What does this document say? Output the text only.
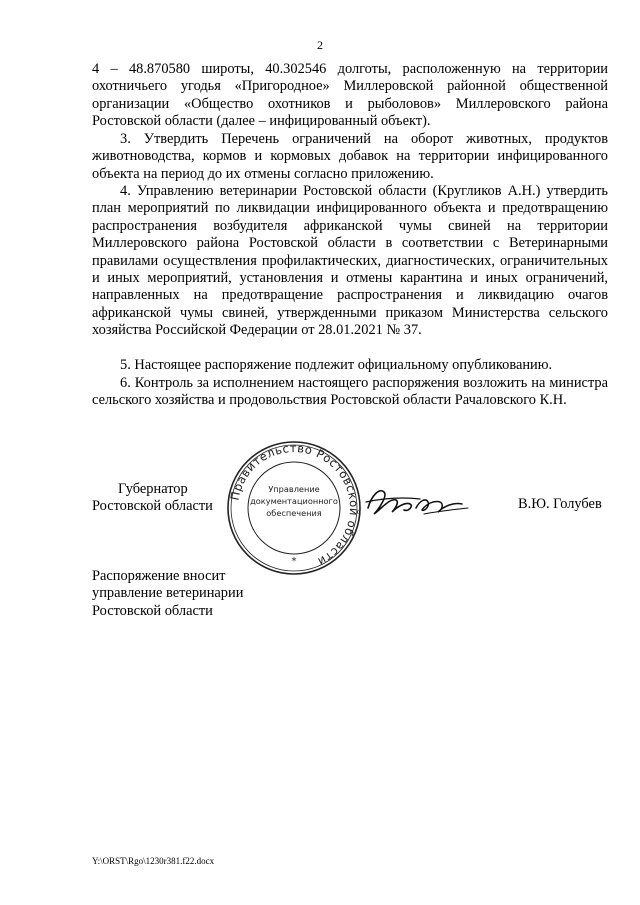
2

4 – 48.870580 широты, 40.302546 долготы, расположенную на территории охотничьего угодья «Пригородное» Миллеровской районной общественной организации «Общество охотников и рыболовов» Миллеровского района Ростовской области (далее – инфицированный объект).

3. Утвердить Перечень ограничений на оборот животных, продуктов животноводства, кормов и кормовых добавок на территории инфицированного объекта на период до их отмены согласно приложению.

4. Управлению ветеринарии Ростовской области (Кругликов А.Н.) утвердить план мероприятий по ликвидации инфицированного объекта и предотвращению распространения возбудителя африканской чумы свиней на территории Миллеровского района Ростовской области в соответствии с Ветеринарными правилами осуществления профилактических, диагностических, ограничительных и иных мероприятий, установления и отмены карантина и иных ограничений, направленных на предотвращение распространения и ликвидацию очагов африканской чумы свиней, утвержденными приказом Министерства сельского хозяйства Российской Федерации от 28.01.2021 № 37.

5. Настоящее распоряжение подлежит официальному опубликованию.

6. Контроль за исполнением настоящего распоряжения возложить на министра сельского хозяйства и продовольствия Ростовской области Рачаловского К.Н.

Губернатор
Ростовской области
Правительство Ростовской области
Управление
документационного
обеспечения
*
В.Ю. Голубев
Распоряжение вносит
управление ветеринарии
Ростовской области
Y:\ORST\Rgo\1230r381.f22.docx
